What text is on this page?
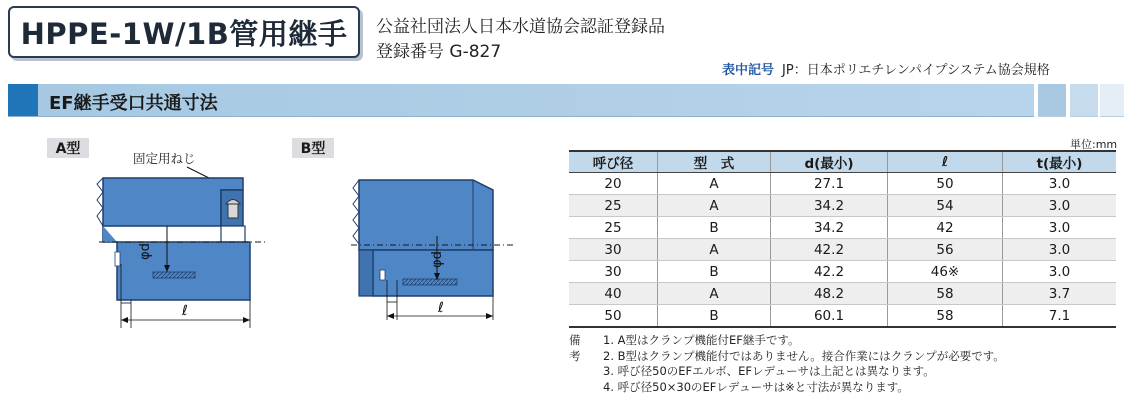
HPPE-1W/1B管用継手 公益社団法人日本水道協会認証登録品
登録番号 G-827
表中記号 JP：日本ポリエチレンパイプシステム協会規格
EF継手受口共通寸法
A型	B型
固定用ねじ
φd
ℓ
φd
ℓ
単位:mm
呼び径	型　式	d(最小)	ℓ	t(最小)
20	A	27.1	50	3.0
25	A	34.2	54	3.0
25	B	34.2	42	3.0
30	A	42.2	56	3.0
30	B	42.2	46※	3.0
40	A	48.2	58	3.7
50	B	60.1	58	7.1
備考
1. A型はクランプ機能付EF継手です。
2. B型はクランプ機能付ではありません。接合作業にはクランプが必要です。
3. 呼び径50のEFエルボ、EFレデューサは上記とは異なります。
4. 呼び径50×30のEFレデューサは※と寸法が異なります。
